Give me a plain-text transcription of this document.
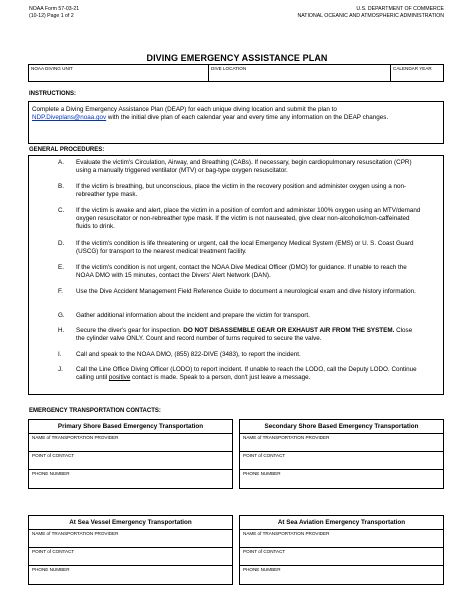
NOAA Form 57-03-21
(10-12) Page 1 of 2
U.S. DEPARTMENT OF COMMERCE
NATIONAL OCEANIC AND ATMOSPHERIC ADMINISTRATION
DIVING EMERGENCY ASSISTANCE PLAN
NOAA DIVING UNIT	DIVE LOCATION	CALENDAR YEAR
INSTRUCTIONS:
Complete a Diving Emergency Assistance Plan (DEAP) for each unique diving location and submit the plan to
NDP.Diveplans@noaa.gov with the initial dive plan of each calendar year and every time any information on the DEAP changes.
GENERAL PROCEDURES:
A. Evaluate the victim's Circulation, Airway, and Breathing (CABs). If necessary, begin cardiopulmonary resuscitation (CPR) using a manually triggered ventilator (MTV) or bag-type oxygen resuscitator.
B. If the victim is breathing, but unconscious, place the victim in the recovery position and administer oxygen using a non-rebreather type mask.
C. If the victim is awake and alert, place the victim in a position of comfort and administer 100% oxygen using an MTV/demand oxygen resuscitator or non-rebreather type mask. If the victim is not nauseated, give clear non-alcoholic/non-caffeinated fluids to drink.
D. If the victim's condition is life threatening or urgent, call the local Emergency Medical System (EMS) or U. S. Coast Guard (USCG) for transport to the nearest medical treatment facility.
E. If the victim's condition is not urgent, contact the NOAA Dive Medical Officer (DMO) for guidance. If unable to reach the NOAA DMO with 15 minutes, contact the Divers' Alert Network (DAN).
F. Use the Dive Accident Management Field Reference Guide to document a neurological exam and dive history information.
G. Gather additional information about the incident and prepare the victim for transport.
H. Secure the diver's gear for inspection. DO NOT DISASSEMBLE GEAR OR EXHAUST AIR FROM THE SYSTEM. Close the cylinder valve ONLY. Count and record number of turns required to secure the valve.
I. Call and speak to the NOAA DMO, (855) 822-DIVE (3483), to report the incident.
J. Call the Line Office Diving Officer (LODO) to report incident. If unable to reach the LODO, call the Deputy LODO. Continue calling until positive contact is made. Speak to a person, don't just leave a message.
EMERGENCY TRANSPORTATION CONTACTS:
Primary Shore Based Emergency Transportation
NAME of TRANSPORTATION PROVIDER
POINT of CONTACT
PHONE NUMBER
Secondary Shore Based Emergency Transportation
NAME of TRANSPORTATION PROVIDER
POINT of CONTACT
PHONE NUMBER
At Sea Vessel Emergency Transportation
NAME of TRANSPORTATION PROVIDER
POINT of CONTACT
PHONE NUMBER
At Sea Aviation Emergency Transportation
NAME of TRANSPORTATION PROVIDER
POINT of CONTACT
PHONE NUMBER
